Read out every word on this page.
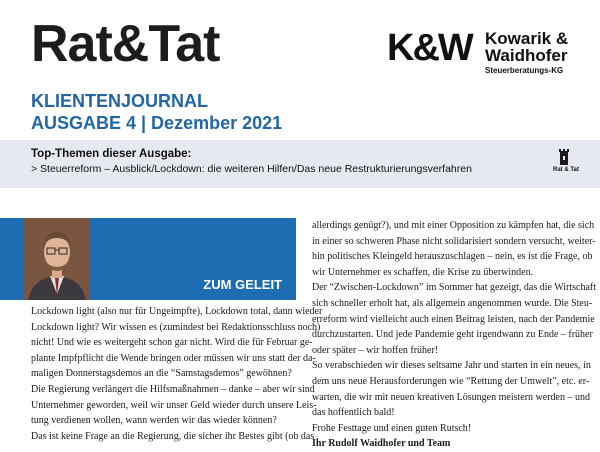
Rat&Tat	K&W Kowarik &
Waidhofer
Steuerberatungs-KG
KLIENTENJOURNAL
AUSGABE 4 | Dezember 2021
Top-Themen dieser Ausgabe:
> Steuerreform – Ausblick/Lockdown: die weiteren Hilfen/Das neue Restrukturierungsverfahren	Rat & Tat
ZUM GELEIT

Lockdown light (also nur für Ungeimpfte), Lockdown total, dann wieder

Lockdown light? Wir wissen es (zumindest bei Redaktionsschluss noch)

nicht! Und wie es weitergeht schon gar nicht. Wird die für Februar ge-

plante Impfpflicht die Wende bringen oder müssen wir uns statt der da-

maligen Donnerstagsdemos an die “Samstagsdemos” gewöhnen?

Die Regierung verlängert die Hilfsmaßnahmen – danke – aber wir sind

Unternehmer geworden, weil wir unser Geld wieder durch unsere Leis-

tung verdienen wollen, wann werden wir das wieder können?

Das ist keine Frage an die Regierung, die sicher ihr Bestes gibt (ob das

allerdings genügt?), und mit einer Opposition zu kämpfen hat, die sich

in einer so schweren Phase nicht solidarisiert sondern versucht, weiter-

hin politisches Kleingeld herauszuschlagen – nein, es ist die Frage, ob

wir Unternehmer es schaffen, die Krise zu überwinden.

Der “Zwischen-Lockdown” im Sommer hat gezeigt, das die Wirtschaft

sich schneller erholt hat, als allgemein angenommen wurde. Die Steu-

erreform wird vielleicht auch einen Beitrag leisten, nach der Pandemie

durchzustarten. Und jede Pandemie geht irgendwann zu Ende – früher

oder später – wir hoffen früher!

So verabschieden wir dieses seltsame Jahr und starten in ein neues, in

dem uns neue Herausforderungen wie “Rettung der Umwelt”, etc. er-

warten, die wir mit neuen kreativen Lösungen meistern werden – und

das hoffentlich bald!

Frohe Festtage und einen guten Rutsch!

Ihr Rudolf Waidhofer und Team
